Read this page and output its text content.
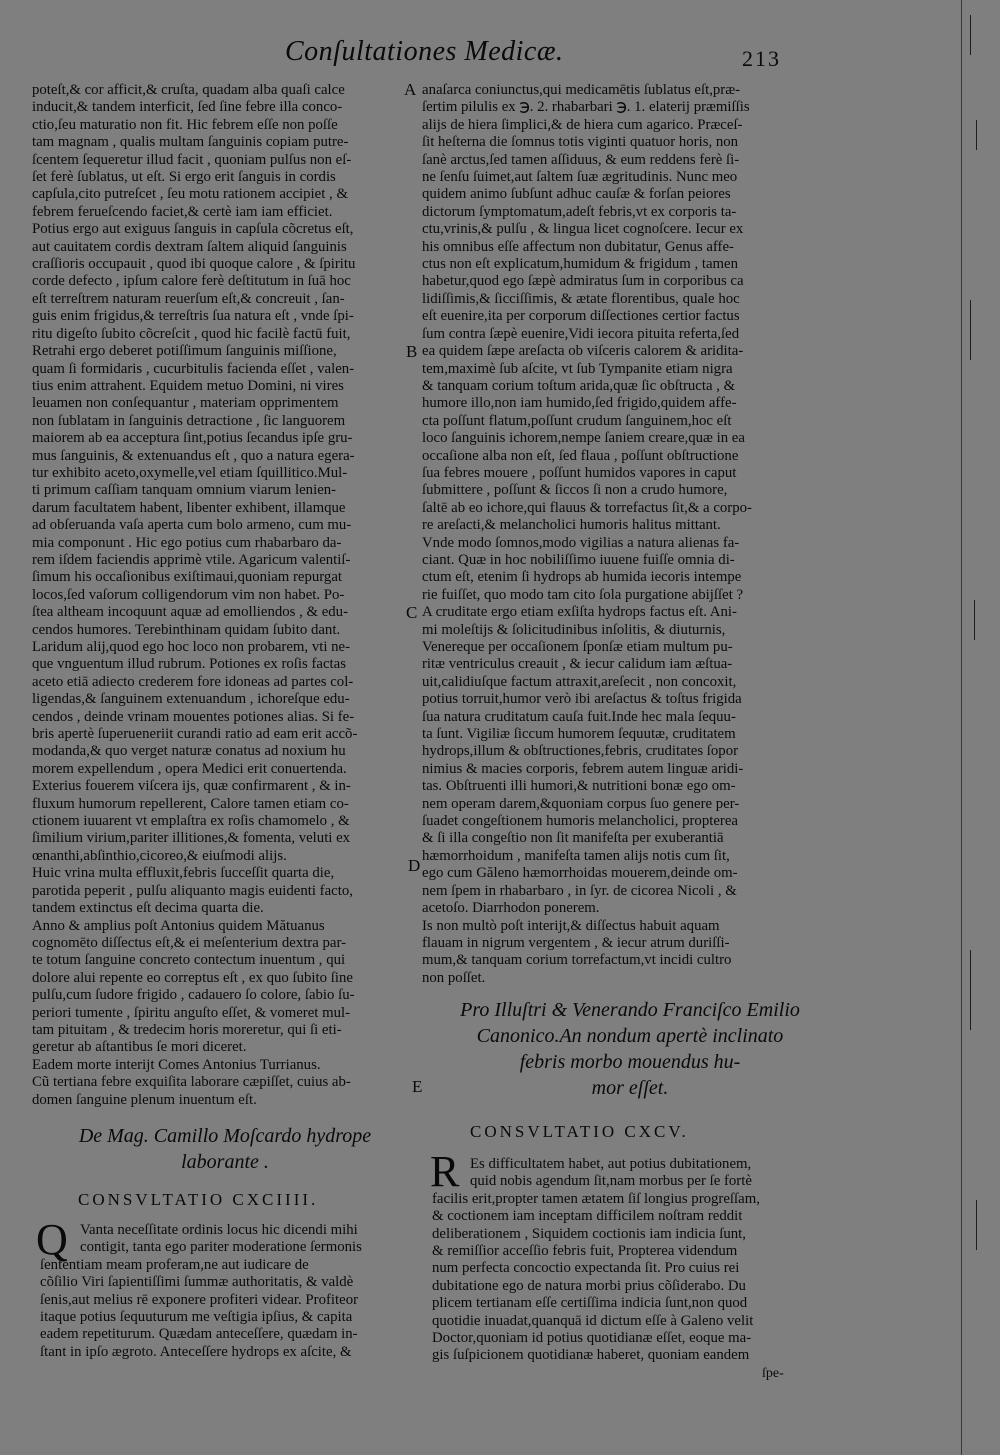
Conſultationes Medicæ.	213

poteſt,& cor afficit,& cruſta, quadam alba quaſi calce

inducit,& tandem interficit, ſed ſine febre illa conco-

ctio,ſeu maturatio non fit. Hic febrem eſſe non poſſe

tam magnam , qualis multam ſanguinis copiam putre-

ſcentem ſequeretur illud facit , quoniam pulſus non eſ-

ſet ferè ſublatus, ut eſt. Si ergo erit ſanguis in cordis

capſula,cito putreſcet , ſeu motu rationem accipiet , &

febrem ferueſcendo faciet,& certè iam iam efficiet.

Potius ergo aut exiguus ſanguis in capſula cõcretus eſt,

aut cauitatem cordis dextram ſaltem aliquid ſanguinis

craſſioris occupauit , quod ibi quoque calore , & ſpiritu

corde defecto , ipſum calore ferè deſtitutum in ſuā hoc

eſt terreſtrem naturam reuerſum eſt,& concreuit , ſan-

guis enim frigidus,& terreſtris ſua natura eſt , vnde ſpi-

ritu digeſto ſubito cõcreſcit , quod hic facilè factū fuit,

Retrahi ergo deberet potiſſimum ſanguinis miſſione,

quam ſi formidaris , cucurbitulis facienda eſſet , valen-

tius enim attrahent. Equidem metuo Domini, ni vires

leuamen non conſequantur , materiam opprimentem

non ſublatam in ſanguinis detractione , ſic languorem

maiorem ab ea acceptura ſint,potius ſecandus ipſe gru-

mus ſanguinis, & extenuandus eſt , quo a natura egera-

tur exhibito aceto,oxymelle,vel etiam ſquillitico.Mul-

ti primum caſſiam tanquam omnium viarum lenien-

darum facultatem habent, libenter exhibent, illamque

ad obſeruanda vaſa aperta cum bolo armeno, cum mu-

mia componunt . Hic ego potius cum rhabarbaro da-

rem iſdem faciendis apprimè vtile. Agaricum valentiſ-

ſimum his occaſionibus exiſtimaui,quoniam repurgat

locos,ſed vaſorum colligendorum vim non habet. Po-

ſtea altheam incoquunt aquæ ad emolliendos , & edu-

cendos humores. Terebinthinam quidam ſubito dant.

Laridum alij,quod ego hoc loco non probarem, vti ne-

que vnguentum illud rubrum. Potiones ex roſis factas

aceto etiā adiecto crederem fore idoneas ad partes col-

ligendas,& ſanguinem extenuandum , ichoreſque edu-

cendos , deinde vrinam mouentes potiones alias. Si fe-

bris apertè ſuperueneriit curandi ratio ad eam erit accõ-

modanda,& quo verget naturæ conatus ad noxium hu

morem expellendum , opera Medici erit conuertenda.

Exterius fouerem viſcera ijs, quæ confirmarent , & in-

fluxum humorum repellerent, Calore tamen etiam co-

ctionem iuuarent vt emplaſtra ex roſis chamomelo , &

ſimilium virium,pariter illitiones,& fomenta, veluti ex

œnanthi,abſinthio,cicoreo,& eiuſmodi alijs.

Huic vrina multa effluxit,febris ſucceſſit quarta die,

parotida peperit , pulſu aliquanto magis euidenti facto,

tandem extinctus eſt decima quarta die.

Anno & amplius poſt Antonius quidem Mătuanus

cognomēto diſſectus eſt,& ei meſenterium dextra par-

te totum ſanguine concreto contectum inuentum , qui

dolore alui repente eo correptus eſt , ex quo ſubito ſine

pulſu,cum ſudore frigido , cadauero ſo colore, ſabio ſu-

periori tumente , ſpiritu anguſto eſſet, & vomeret mul-

tam pituitam , & tredecim horis moreretur, qui ſi eti-

geretur ab aſtantibus ſe mori diceret.

Eadem morte interijt Comes Antonius Turrianus.

Cũ tertiana febre exquiſita laborare cæpiſſet, cuius ab-

domen ſanguine plenum inuentum eſt.

anaſarca coniunctus,qui medicamētis ſublatus eſt,præ-

ſertim pilulis ex ℈. 2. rhabarbari ℈. 1. elaterij præmiſſis

alijs de hiera ſimplici,& de hiera cum agarico. Præceſ-

ſit heſterna die ſomnus totis viginti quatuor horis, non

ſanè arctus,ſed tamen aſſiduus, & eum reddens ferè ſi-

ne ſenſu ſuimet,aut ſaltem ſuæ ægritudinis. Nunc meo

quidem animo ſubſunt adhuc cauſæ & forſan peiores

dictorum ſymptomatum,adeſt febris,vt ex corporis ta-

ctu,vrinis,& pulſu , & lingua licet cognoſcere. Iecur ex

his omnibus eſſe affectum non dubitatur, Genus affe-

ctus non eſt explicatum,humidum & frigidum , tamen

habetur,quod ego ſæpè admiratus ſum in corporibus ca

lidiſſimis,& ſicciſſimis, & ætate florentibus, quale hoc

eſt euenire,ita per corporum diſſectiones certior factus

ſum contra ſæpè euenire,Vidi iecora pituita referta,ſed

ea quidem ſæpe areſacta ob viſceris calorem & aridita-

tem,maximè ſub aſcite, vt ſub Tympanite etiam nigra

& tanquam corium toſtum arida,quæ ſic obſtructa , &

humore illo,non iam humido,ſed frigido,quidem affe-

cta poſſunt flatum,poſſunt crudum ſanguinem,hoc eſt

loco ſanguinis ichorem,nempe ſaniem creare,quæ in ea

occaſione alba non eſt, ſed flaua , poſſunt obſtructione

ſua febres mouere , poſſunt humidos vapores in caput

ſubmittere , poſſunt & ſiccos ſi non a crudo humore,

ſaltē ab eo ichore,qui flauus & torrefactus ſit,& a corpo-

re areſacti,& melancholici humoris halitus mittant.

Vnde modo ſomnos,modo vigilias a natura alienas fa-

ciant. Quæ in hoc nobiliſſimo iuuene fuiſſe omnia di-

ctum eſt, etenim ſi hydrops ab humida iecoris intempe

rie fuiſſet, quo modo tam cito ſola purgatione abijſſet ?

A cruditate ergo etiam exſiſta hydrops factus eſt. Ani-

mi moleſtijs & ſolicitudinibus inſolitis, & diuturnis,

Venereque per occaſionem ſponſæ etiam multum pu-

ritæ ventriculus creauit , & iecur calidum iam æſtua-

uit,calidiuſque factum attraxit,areſecit , non concoxit,

potius torruit,humor verò ibi areſactus & toſtus frigida

ſua natura cruditatum cauſa fuit.Inde hec mala ſequu-

ta ſunt. Vigiliæ ſiccum humorem ſequutæ, cruditatem

hydrops,illum & obſtructiones,febris, cruditates ſopor

nimius & macies corporis, febrem autem linguæ aridi-

tas. Obſtruenti illi humori,& nutritioni bonæ ego om-

nem operam darem,&quoniam corpus ſuo genere per-

ſuadet congeſtionem humoris melancholici, propterea

& ſi illa congeſtio non ſit manifeſta per exuberantiā

hæmorrhoidum , manifeſta tamen alijs notis cum ſit,

ego cum Găleno hæmorrhoidas mouerem,deinde om-

nem ſpem in rhabarbaro , in ſyr. de cicorea Nicoli , &

acetoſo. Diarrhodon ponerem.

Is non multò poſt interijt,& diſſectus habuit aquam

flauam in nigrum vergentem , & iecur atrum duriſſi-

mum,& tanquam corium torrefactum,vt incidi cultro

non poſſet.

A
B
C
D
E

Pro Illuſtri & Venerando Franciſco Emilio

Canonico.An nondum apertè inclinato

febris morbo mouendus hu-

mor eſſet.

CONSVLTATIO CXCV.
R Es difficultatem habet, aut potius dubitationem,

quid nobis agendum ſit,nam morbus per ſe fortè

facilis erit,propter tamen ætatem ſiſ longius progreſſam,

& coctionem iam inceptam difficilem noſtram reddit

deliberationem , Siquidem coctionis iam indicia ſunt,

& remiſſior acceſſio febris fuit, Propterea videndum

num perfecta concoctio expectanda ſit. Pro cuius rei

dubitatione ego de natura morbi prius cõſiderabo. Du

plicem tertianam eſſe certiſſima indicia ſunt,non quod

quotidie inuadat,quanquā id dictum eſſe à Galeno velit

Doctor,quoniam id potius quotidianæ eſſet, eoque ma-

gis ſuſpicionem quotidianæ haberet, quoniam eandem

ſpe-

De Mag. Camillo Moſcardo hydrope

laborante .

CONSVLTATIO CXCIIII.
Q Vanta neceſſitate ordinis locus hic dicendi mihi

contigit, tanta ego pariter moderatione ſermonis

ſententiam meam proferam,ne aut iudicare de

cõſilio Viri ſapientiſſimi ſummæ authoritatis, & valdè

ſenis,aut melius rē exponere profiteri videar. Profiteor

itaque potius ſequuturum me veſtigia ipſius, & capita

eadem repetiturum. Quædam anteceſſere, quædam in-

ſtant in ipſo ægroto. Anteceſſere hydrops ex aſcite, &
